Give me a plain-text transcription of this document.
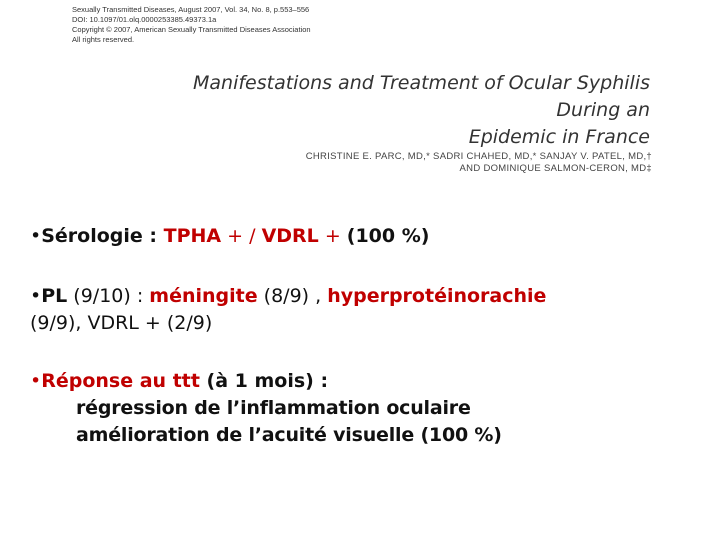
Sexually Transmitted Diseases, August 2007, Vol. 34, No. 8, p.553–556
DOI: 10.1097/01.olq.0000253385.49373.1a
Copyright © 2007, American Sexually Transmitted Diseases Association
All rights reserved.
Manifestations and Treatment of Ocular Syphilis During an
Epidemic in France
CHRISTINE E. PARC, MD,* SADRI CHAHED, MD,* SANJAY V. PATEL, MD,†
AND DOMINIQUE SALMON-CERON, MD‡

•Sérologie : TPHA + / VDRL + (100 %)

•PL (9/10) : méningite (8/9) , hyperprotéinorachie
(9/9), VDRL + (2/9)

•Réponse au ttt (à 1 mois) :
régression de l’inflammation oculaire
amélioration de l’acuité visuelle (100 %)
